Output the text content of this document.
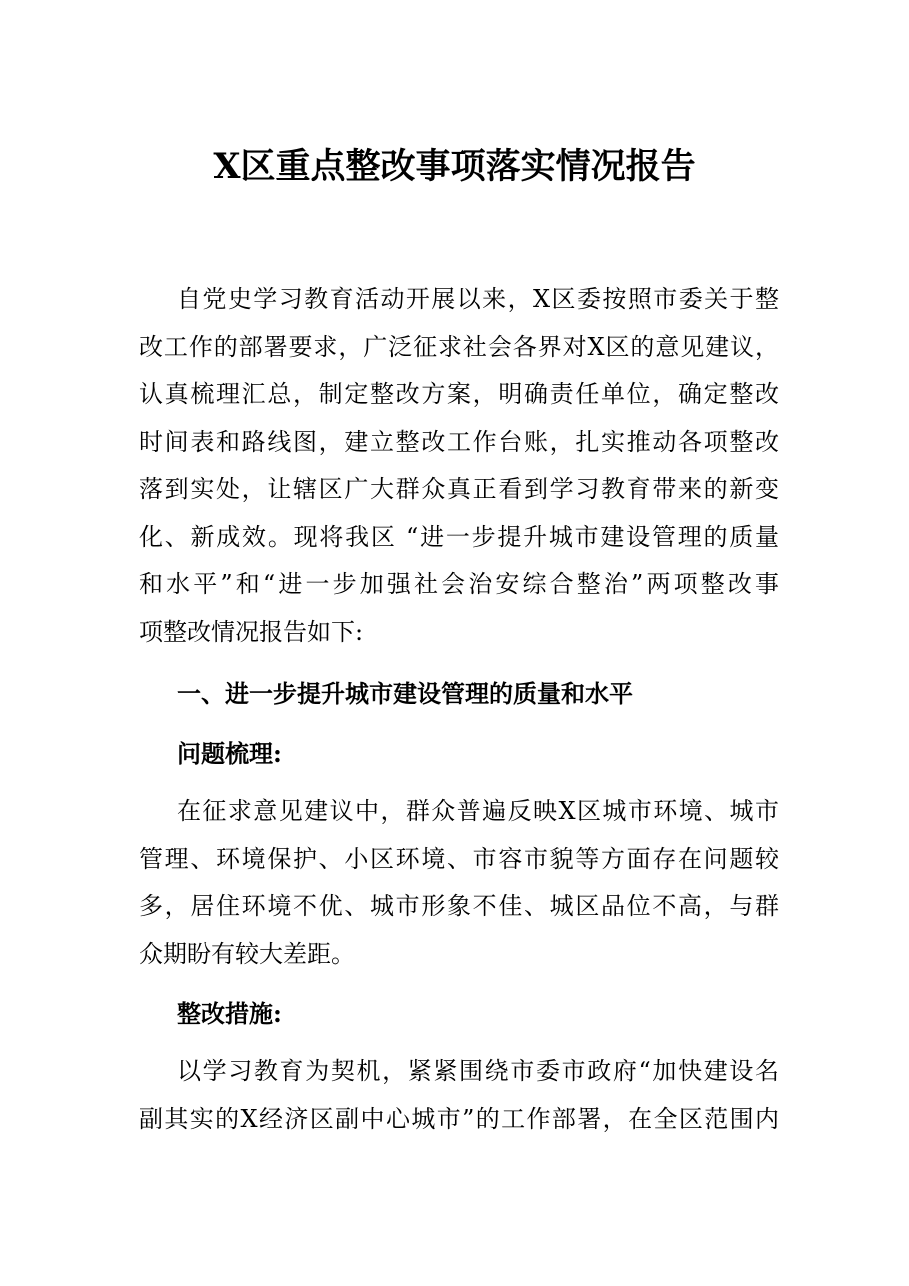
X区重点整改事项落实情况报告
自党史学习教育活动开展以来，X区委按照市委关于整
改工作的部署要求，广泛征求社会各界对X区的意见建议，
认真梳理汇总，制定整改方案，明确责任单位，确定整改
时间表和路线图，建立整改工作台账，扎实推动各项整改
落到实处，让辖区广大群众真正看到学习教育带来的新变
化、新成效。现将我区 “进一步提升城市建设管理的质量
和水平”和“进一步加强社会治安综合整治”两项整改事
项整改情况报告如下:
一、进一步提升城市建设管理的质量和水平
问题梳理:
在征求意见建议中，群众普遍反映X区城市环境、城市
管理、环境保护、小区环境、市容市貌等方面存在问题较
多，居住环境不优、城市形象不佳、城区品位不高，与群
众期盼有较大差距。
整改措施:
以学习教育为契机，紧紧围绕市委市政府“加快建设名
副其实的X经济区副中心城市”的工作部署，在全区范围内
